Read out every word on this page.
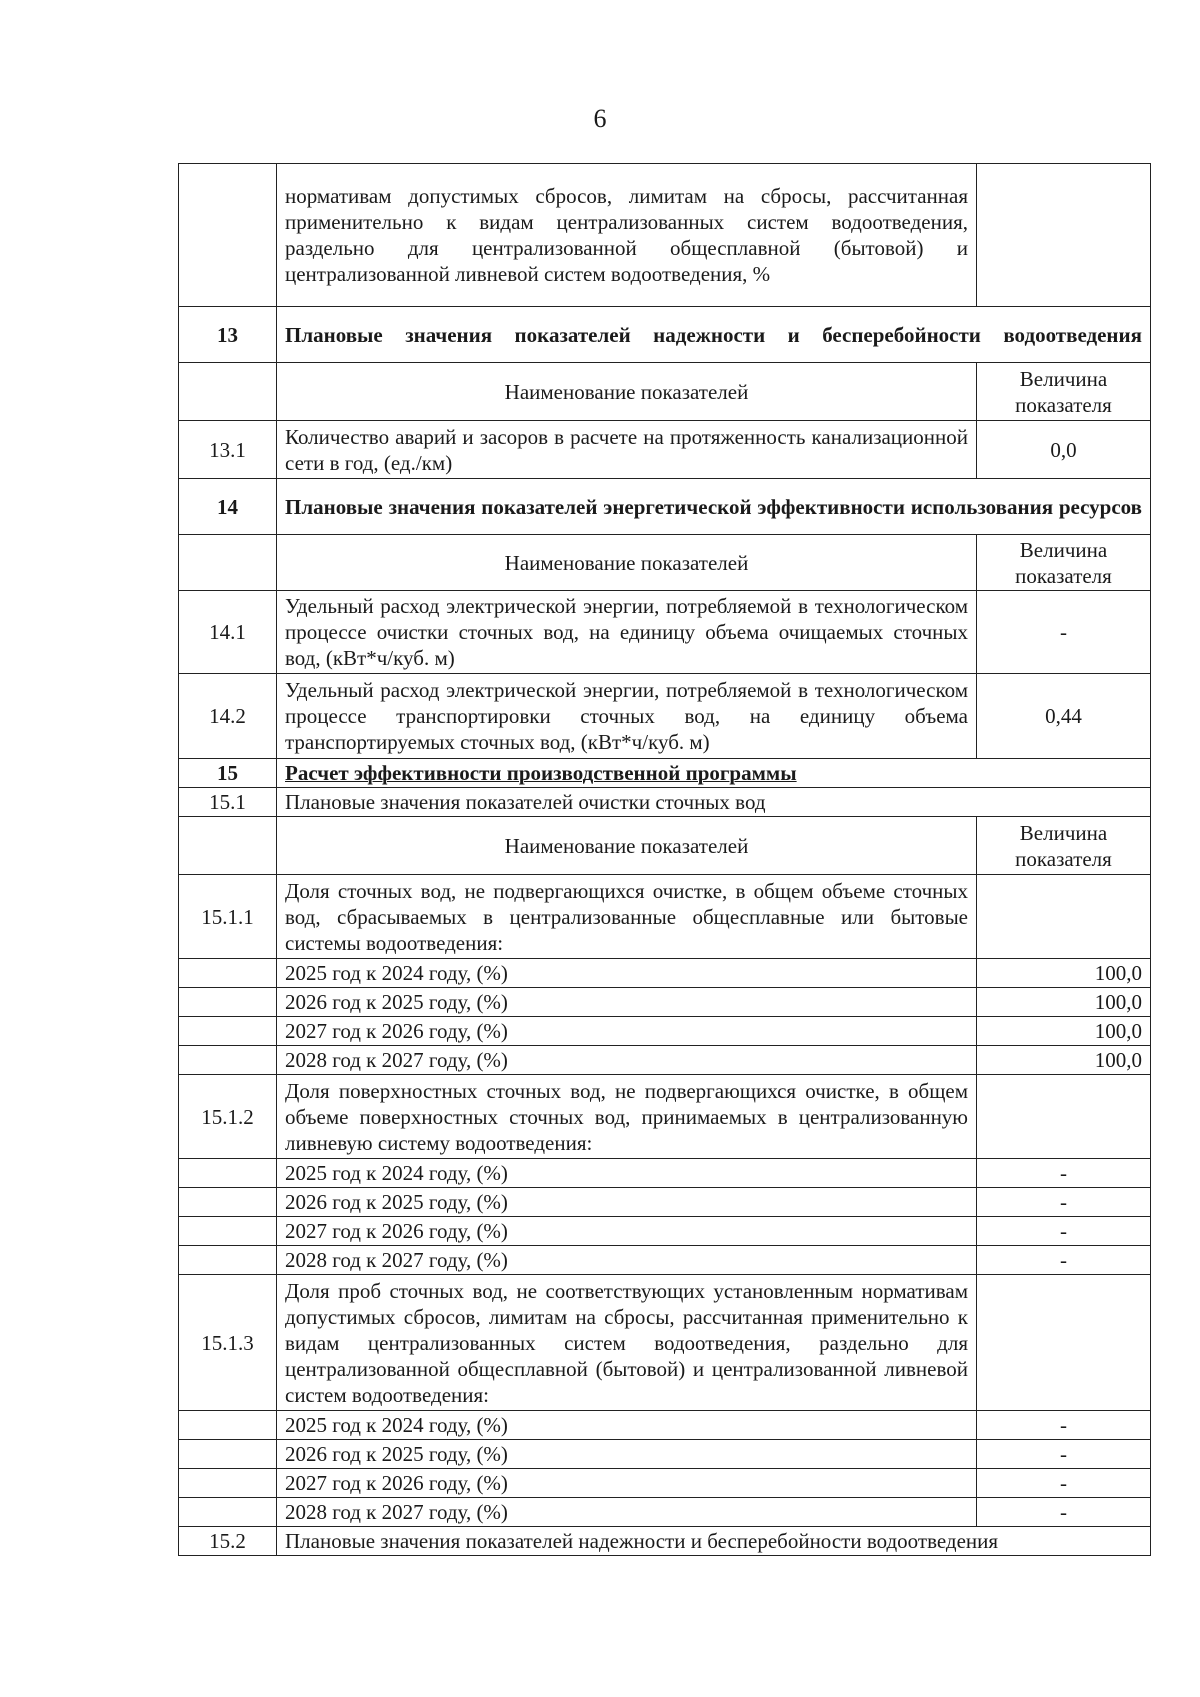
6
	нормативам допустимых сбросов, лимитам на сбросы, рассчитанная применительно к видам централизованных систем водоотведения, раздельно для централизованной общесплавной (бытовой) и централизованной ливневой систем водоотведения, %	
13	Плановые значения показателей надежности и бесперебойности водоотведения	
	Наименование показателей	Величина показателя
13.1	Количество аварий и засоров в расчете на протяженность канализационной сети в год, (ед./км)	0,0
14	Плановые значения показателей энергетической эффективности использования ресурсов	
	Наименование показателей	Величина показателя
14.1	Удельный расход электрической энергии, потребляемой в технологическом процессе очистки сточных вод, на единицу объема очищаемых сточных вод, (кВт*ч/куб. м)	-
14.2	Удельный расход электрической энергии, потребляемой в технологическом процессе транспортировки сточных вод, на единицу объема транспортируемых сточных вод, (кВт*ч/куб. м)	0,44
15	Расчет эффективности производственной программы	
15.1	Плановые значения показателей очистки сточных вод	
	Наименование показателей	Величина показателя
15.1.1	Доля сточных вод, не подвергающихся очистке, в общем объеме сточных вод, сбрасываемых в централизованные общесплавные или бытовые системы водоотведения:	
	2025 год к 2024 году, (%)	100,0
	2026 год к 2025 году, (%)	100,0
	2027 год к 2026 году, (%)	100,0
	2028 год к 2027 году, (%)	100,0
15.1.2	Доля поверхностных сточных вод, не подвергающихся очистке, в общем объеме поверхностных сточных вод, принимаемых в централизованную ливневую систему водоотведения:	
	2025 год к 2024 году, (%)	-
	2026 год к 2025 году, (%)	-
	2027 год к 2026 году, (%)	-
	2028 год к 2027 году, (%)	-
15.1.3	Доля проб сточных вод, не соответствующих установленным нормативам допустимых сбросов, лимитам на сбросы, рассчитанная применительно к видам централизованных систем водоотведения, раздельно для централизованной общесплавной (бытовой) и централизованной ливневой систем водоотведения:	
	2025 год к 2024 году, (%)	-
	2026 год к 2025 году, (%)	-
	2027 год к 2026 году, (%)	-
	2028 год к 2027 году, (%)	-
15.2	Плановые значения показателей надежности и бесперебойности водоотведения	
